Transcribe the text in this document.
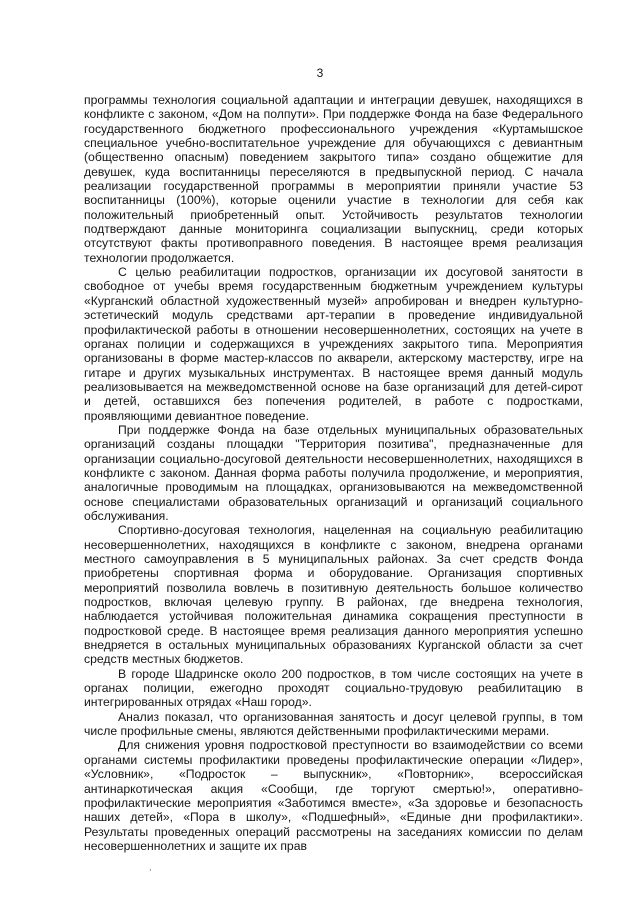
3

программы технология социальной адаптации и интеграции девушек, находящихся в конфликте с законом, «Дом на полпути». При поддержке Фонда на базе Федерального государственного бюджетного профессионального учреждения «Куртамышское специальное учебно-воспитательное учреждение для обучающихся с девиантным (общественно опасным) поведением закрытого типа» создано общежитие для девушек, куда воспитанницы переселяются в предвыпускной период. С начала реализации государственной программы в мероприятии приняли участие 53 воспитанницы (100%), которые оценили участие в технологии для себя как положительный приобретенный опыт. Устойчивость результатов технологии подтверждают данные мониторинга социализации выпускниц, среди которых отсутствуют факты противоправного поведения. В настоящее время реализация технологии продолжается.

С целью реабилитации подростков, организации их досуговой занятости в свободное от учебы время государственным бюджетным учреждением культуры «Курганский областной художественный музей» апробирован и внедрен культурно-эстетический модуль средствами арт-терапии в проведение индивидуальной профилактической работы в отношении несовершеннолетних, состоящих на учете в органах полиции и содержащихся в учреждениях закрытого типа. Мероприятия организованы в форме мастер-классов по акварели, актерскому мастерству, игре на гитаре и других музыкальных инструментах. В настоящее время данный модуль реализовывается на межведомственной основе на базе организаций для детей-сирот и детей, оставшихся без попечения родителей, в работе с подростками, проявляющими девиантное поведение.

При поддержке Фонда на базе отдельных муниципальных образовательных организаций созданы площадки "Территория позитива", предназначенные для организации социально-досуговой деятельности несовершеннолетних, находящихся в конфликте с законом. Данная форма работы получила продолжение, и мероприятия, аналогичные проводимым на площадках, организовываются на межведомственной основе специалистами образовательных организаций и организаций социального обслуживания.

Спортивно-досуговая технология, нацеленная на социальную реабилитацию несовершеннолетних, находящихся в конфликте с законом, внедрена органами местного самоуправления в 5 муниципальных районах. За счет средств Фонда приобретены спортивная форма и оборудование. Организация спортивных мероприятий позволила вовлечь в позитивную деятельность большое количество подростков, включая целевую группу. В районах, где внедрена технология, наблюдается устойчивая положительная динамика сокращения преступности в подростковой среде. В настоящее время реализация данного мероприятия успешно внедряется в остальных муниципальных образованиях Курганской области за счет средств местных бюджетов.

В городе Шадринске около 200 подростков, в том числе состоящих на учете в органах полиции, ежегодно проходят социально-трудовую реабилитацию в интегрированных отрядах «Наш город».

Анализ показал, что организованная занятость и досуг целевой группы, в том числе профильные смены, являются действенными профилактическими мерами.

Для снижения уровня подростковой преступности во взаимодействии со всеми органами системы профилактики проведены профилактические операции «Лидер», «Условник», «Подросток – выпускник», «Повторник», всероссийская антинаркотическая акция «Сообщи, где торгуют смертью!», оперативно-профилактические мероприятия «Заботимся вместе», «За здоровье и безопасность наших детей», «Пора в школу», «Подшефный», «Единые дни профилактики». Результаты проведенных операций рассмотрены на заседаниях комиссии по делам несовершеннолетних и защите их прав

,
